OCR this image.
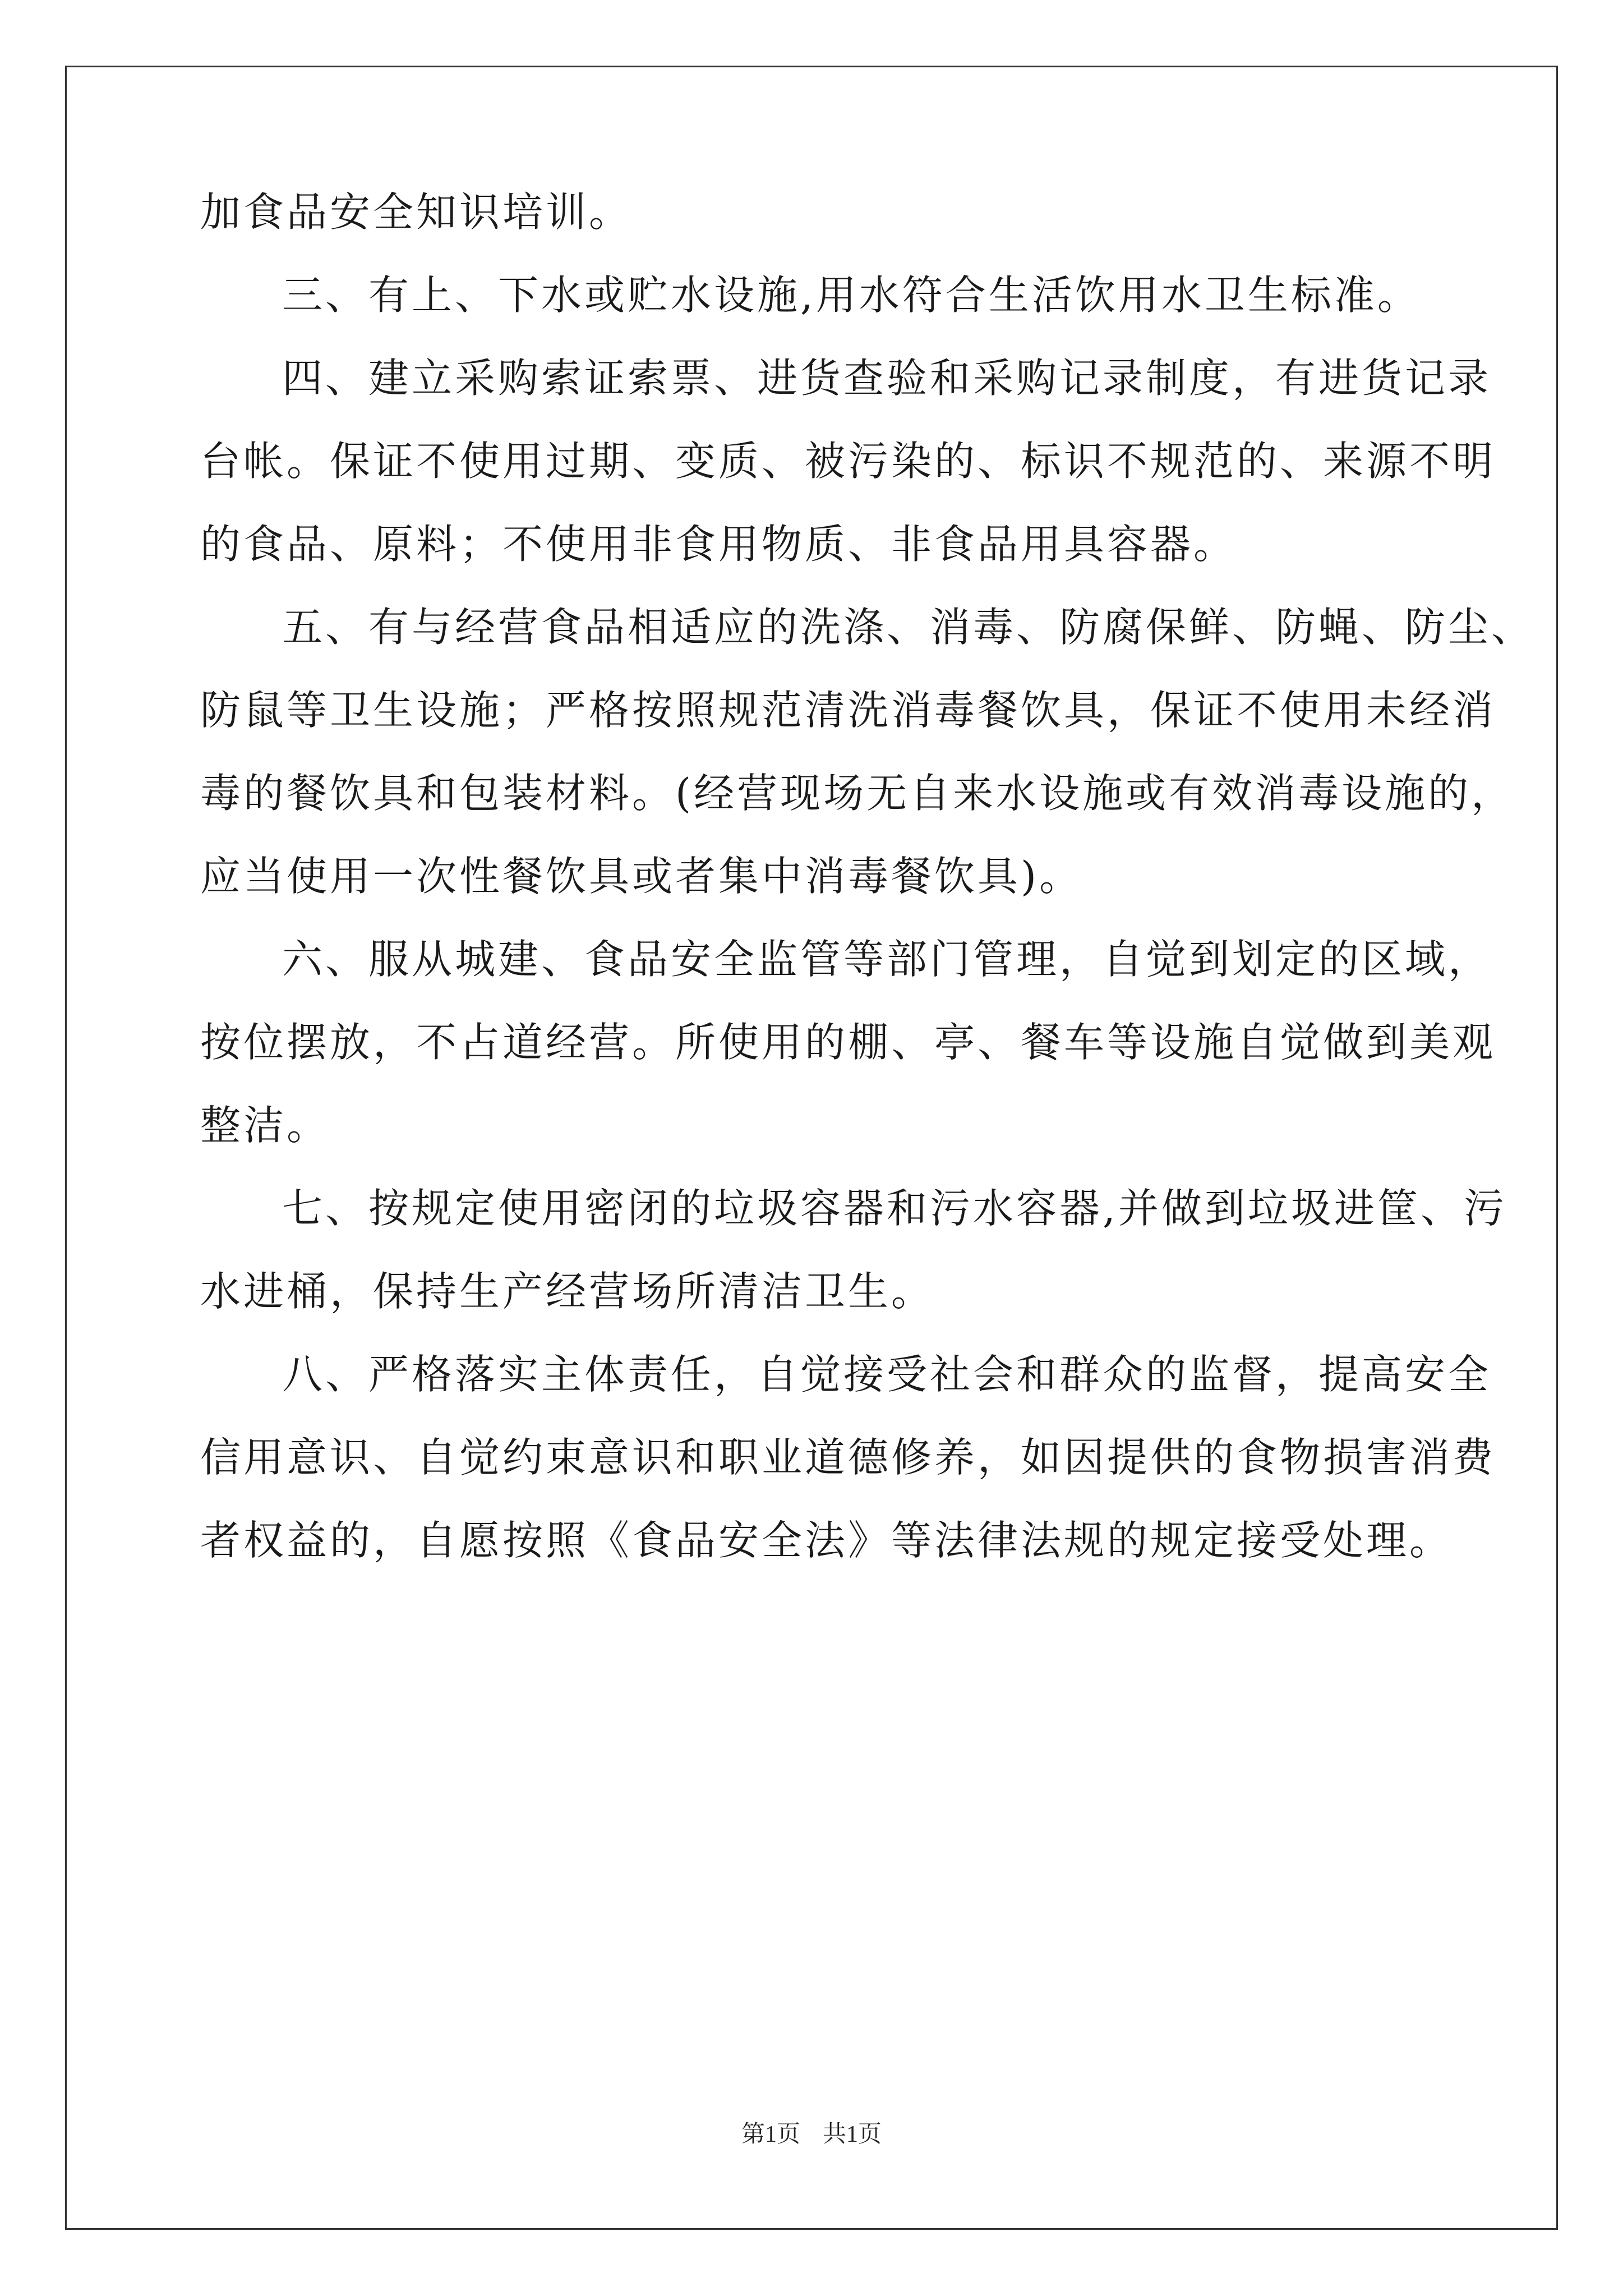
加食品安全知识培训。
三、有上、下水或贮水设施,用水符合生活饮用水卫生标准。
四、建立采购索证索票、进货查验和采购记录制度，有进货记录
台帐。保证不使用过期、变质、被污染的、标识不规范的、来源不明
的食品、原料；不使用非食用物质、非食品用具容器。
五、有与经营食品相适应的洗涤、消毒、防腐保鲜、防蝇、防尘、
防鼠等卫生设施；严格按照规范清洗消毒餐饮具，保证不使用未经消
毒的餐饮具和包装材料。(经营现场无自来水设施或有效消毒设施的，
应当使用一次性餐饮具或者集中消毒餐饮具)。
六、服从城建、食品安全监管等部门管理，自觉到划定的区域，
按位摆放，不占道经营。所使用的棚、亭、餐车等设施自觉做到美观
整洁。
七、按规定使用密闭的垃圾容器和污水容器,并做到垃圾进筐、污
水进桶，保持生产经营场所清洁卫生。
八、严格落实主体责任，自觉接受社会和群众的监督，提高安全
信用意识、自觉约束意识和职业道德修养，如因提供的食物损害消费
者权益的，自愿按照《食品安全法》等法律法规的规定接受处理。
第1页 共1页
